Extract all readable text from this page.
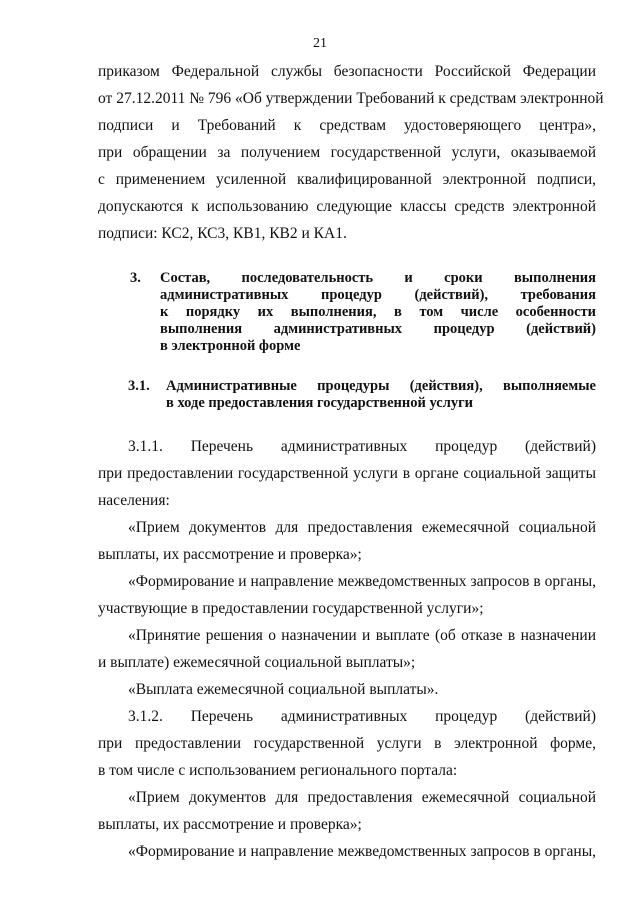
21
приказом Федеральной службы безопасности Российской Федерации
от 27.12.2011 № 796 «Об утверждении Требований к средствам электронной
подписи и Требований к средствам удостоверяющего центра»,
при обращении за получением государственной услуги, оказываемой
с применением усиленной квалифицированной электронной подписи,
допускаются к использованию следующие классы средств электронной
подписи: КС2, КС3, КВ1, КВ2 и КА1.
3. Состав, последовательность и сроки выполнения
административных процедур (действий), требования
к порядку их выполнения, в том числе особенности
выполнения административных процедур (действий)
в электронной форме
3.1. Административные процедуры (действия), выполняемые
в ходе предоставления государственной услуги
3.1.1. Перечень административных процедур (действий)
при предоставлении государственной услуги в органе социальной защиты
населения:
«Прием документов для предоставления ежемесячной социальной
выплаты, их рассмотрение и проверка»;
«Формирование и направление межведомственных запросов в органы,
участвующие в предоставлении государственной услуги»;
«Принятие решения о назначении и выплате (об отказе в назначении
и выплате) ежемесячной социальной выплаты»;
«Выплата ежемесячной социальной выплаты».
3.1.2. Перечень административных процедур (действий)
при предоставлении государственной услуги в электронной форме,
в том числе с использованием регионального портала:
«Прием документов для предоставления ежемесячной социальной
выплаты, их рассмотрение и проверка»;
«Формирование и направление межведомственных запросов в органы,
